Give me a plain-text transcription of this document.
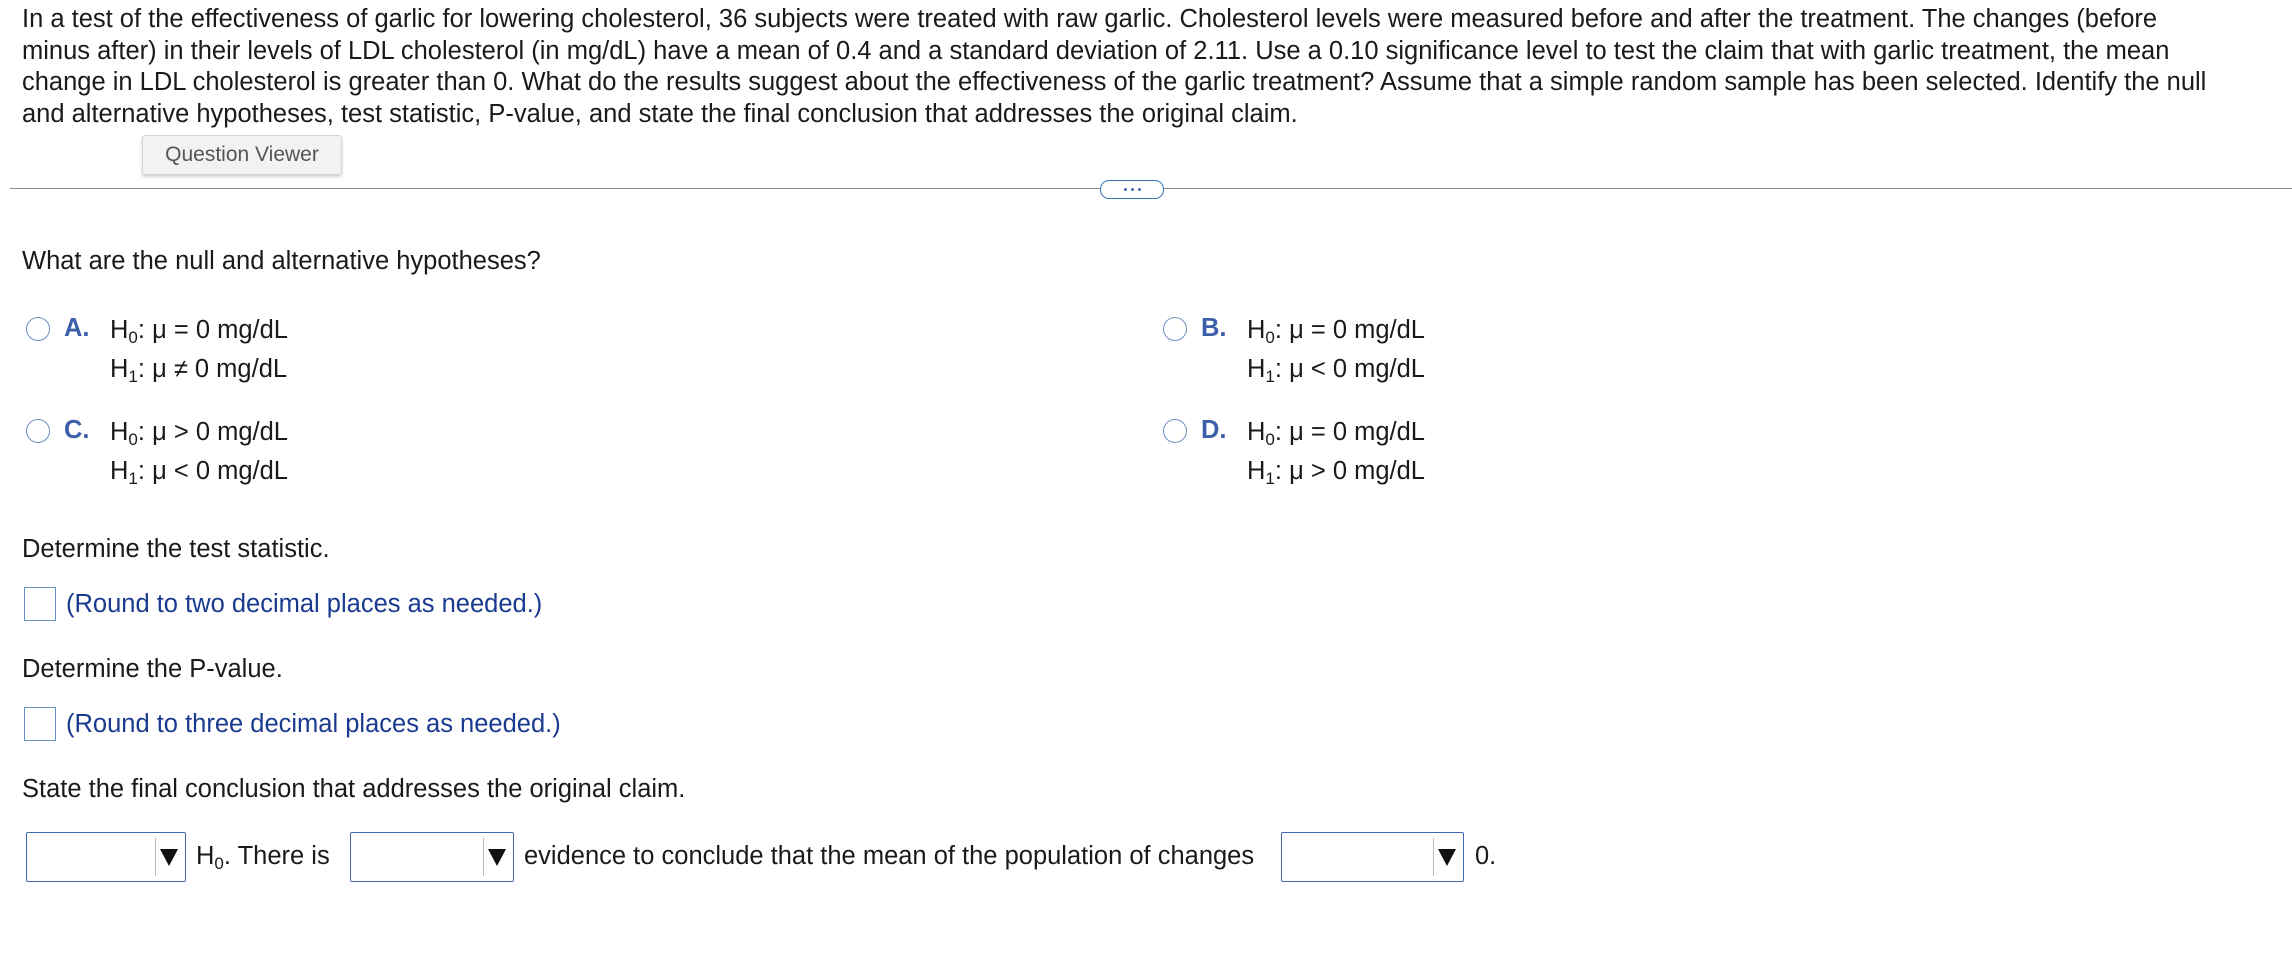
In a test of the effectiveness of garlic for lowering cholesterol, 36 subjects were treated with raw garlic. Cholesterol levels were measured before and after the treatment. The changes (before
minus after) in their levels of LDL cholesterol (in mg/dL) have a mean of 0.4 and a standard deviation of 2.11. Use a 0.10 significance level to test the claim that with garlic treatment, the mean
change in LDL cholesterol is greater than 0. What do the results suggest about the effectiveness of the garlic treatment? Assume that a simple random sample has been selected. Identify the null
and alternative hypotheses, test statistic, P-value, and state the final conclusion that addresses the original claim.
Question Viewer
What are the null and alternative hypotheses?
A. $H_0$: μ = 0 mg/dL
$H_1$: μ ≠ 0 mg/dL
B. $H_0$: μ = 0 mg/dL
$H_1$: μ < 0 mg/dL
C. $H_0$: μ > 0 mg/dL
$H_1$: μ < 0 mg/dL
D. $H_0$: μ = 0 mg/dL
$H_1$: μ > 0 mg/dL
Determine the test statistic.
(Round to two decimal places as needed.)
Determine the P-value.
(Round to three decimal places as needed.)
State the final conclusion that addresses the original claim.
$H_0$. There is	evidence to conclude that the mean of the population of changes	0.
